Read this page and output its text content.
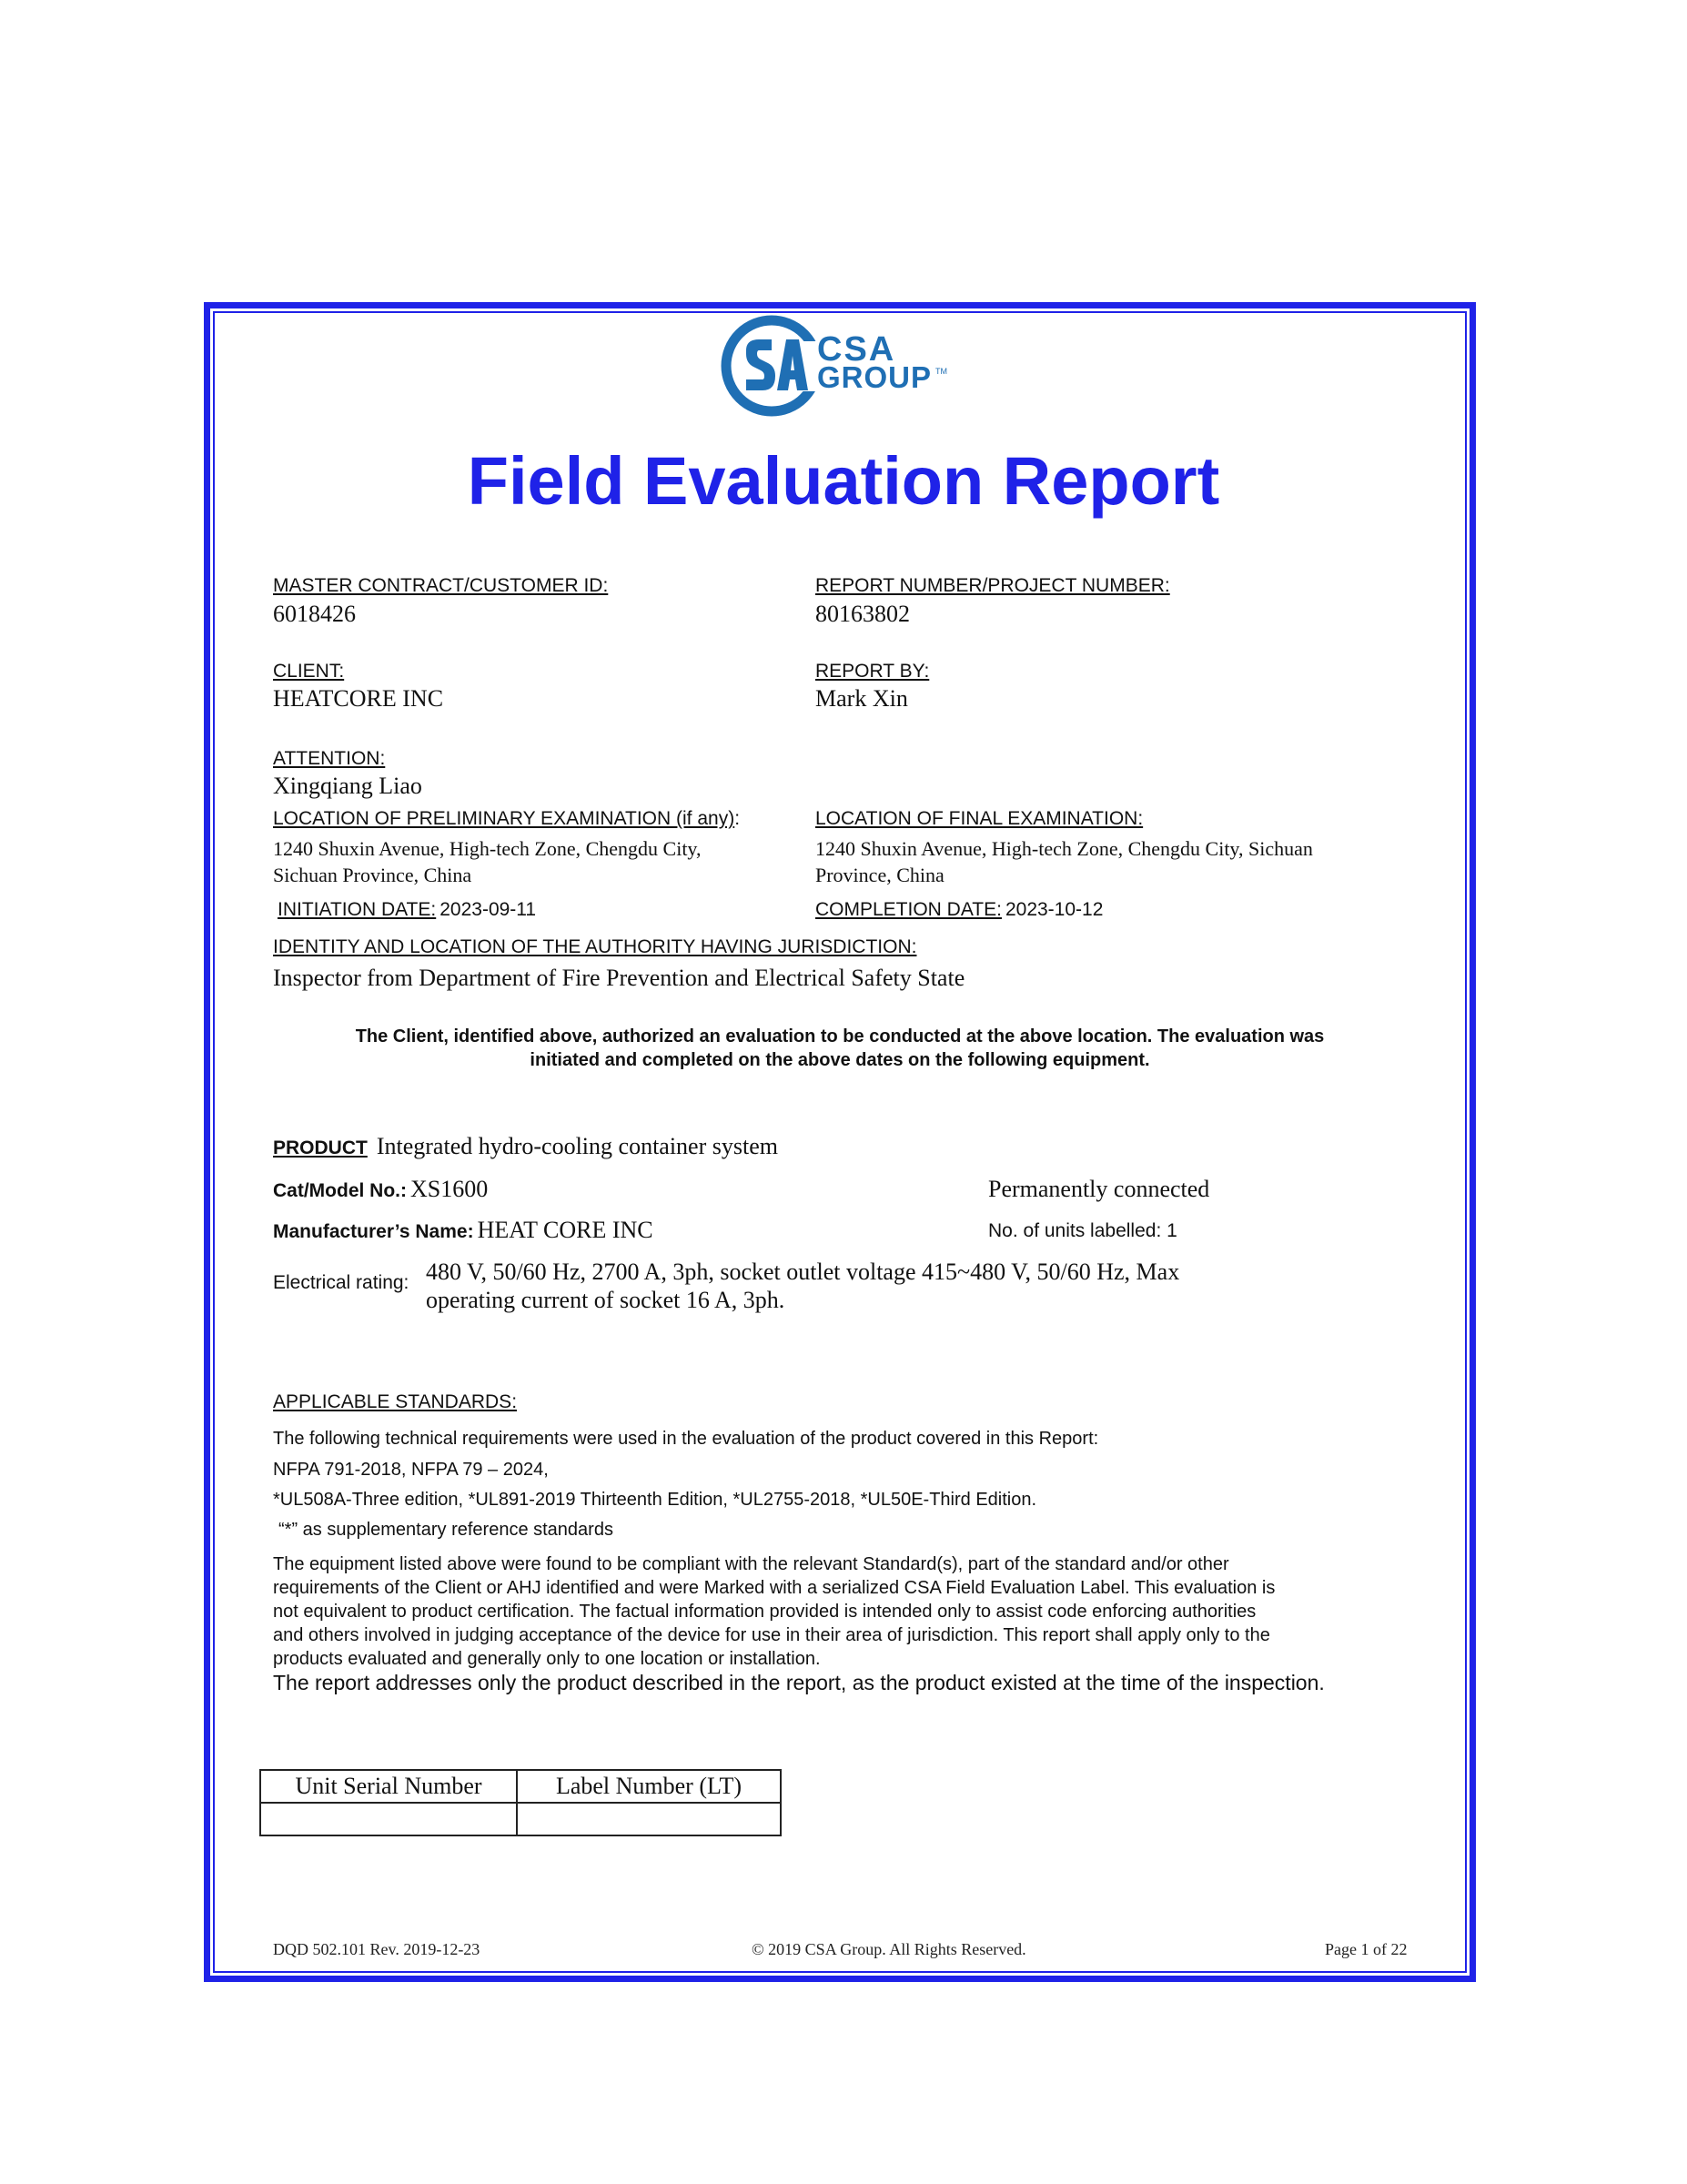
CSA
GROUP TM
Field Evaluation Report
MASTER CONTRACT/CUSTOMER ID:
6018426
REPORT NUMBER/PROJECT NUMBER:
80163802
CLIENT:
HEATCORE INC
REPORT BY:
Mark Xin
ATTENTION:
Xingqiang Liao
LOCATION OF PRELIMINARY EXAMINATION (if any):
1240 Shuxin Avenue, High-tech Zone, Chengdu City,
Sichuan Province, China
LOCATION OF FINAL EXAMINATION:
1240 Shuxin Avenue, High-tech Zone, Chengdu City, Sichuan
Province, China
INITIATION DATE: 2023-09-11	COMPLETION DATE: 2023-10-12
IDENTITY AND LOCATION OF THE AUTHORITY HAVING JURISDICTION:
Inspector from Department of Fire Prevention and Electrical Safety State
The Client, identified above, authorized an evaluation to be conducted at the above location. The evaluation was
initiated and completed on the above dates on the following equipment.
PRODUCT Integrated hydro-cooling container system
Cat/Model No.: XS1600	Permanently connected
Manufacturer’s Name: HEAT CORE INC	No. of units labelled: 1
Electrical rating: 480 V, 50/60 Hz, 2700 A, 3ph, socket outlet voltage 415~480 V, 50/60 Hz, Max
operating current of socket 16 A, 3ph.
APPLICABLE STANDARDS:
The following technical requirements were used in the evaluation of the product covered in this Report:
NFPA 791-2018, NFPA 79 – 2024,
*UL508A-Three edition, *UL891-2019 Thirteenth Edition, *UL2755-2018, *UL50E-Third Edition.
“*” as supplementary reference standards
The equipment listed above were found to be compliant with the relevant Standard(s), part of the standard and/or other
requirements of the Client or AHJ identified and were Marked with a serialized CSA Field Evaluation Label. This evaluation is
not equivalent to product certification. The factual information provided is intended only to assist code enforcing authorities
and others involved in judging acceptance of the device for use in their area of jurisdiction. This report shall apply only to the
products evaluated and generally only to one location or installation.
The report addresses only the product described in the report, as the product existed at the time of the inspection.
Unit Serial Number	Label Number (LT)

DQD 502.101 Rev. 2019-12-23	© 2019 CSA Group. All Rights Reserved.	Page 1 of 22
